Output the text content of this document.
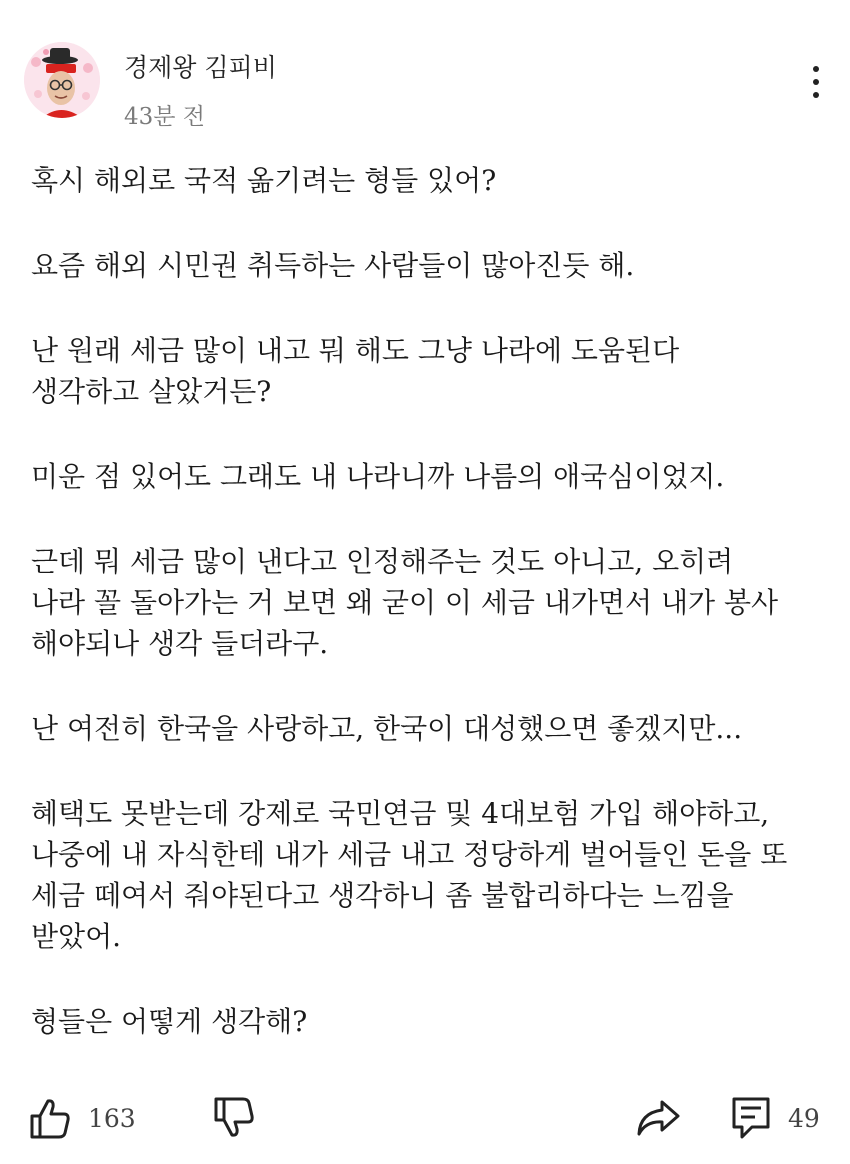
경제왕 김피비
43분 전
혹시 해외로 국적 옮기려는 형들 있어?
요즘 해외 시민권 취득하는 사람들이 많아진듯 해.
난 원래 세금 많이 내고 뭐 해도 그냥 나라에 도움된다
생각하고 살았거든?
미운 점 있어도 그래도 내 나라니까 나름의 애국심이었지.
근데 뭐 세금 많이 낸다고 인정해주는 것도 아니고, 오히려
나라 꼴 돌아가는 거 보면 왜 굳이 이 세금 내가면서 내가 봉사
해야되나 생각 들더라구.
난 여전히 한국을 사랑하고, 한국이 대성했으면 좋겠지만...
혜택도 못받는데 강제로 국민연금 및 4대보험 가입 해야하고,
나중에 내 자식한테 내가 세금 내고 정당하게 벌어들인 돈을 또
세금 떼여서 줘야된다고 생각하니 좀 불합리하다는 느낌을
받았어.
형들은 어떻게 생각해?
163	49
